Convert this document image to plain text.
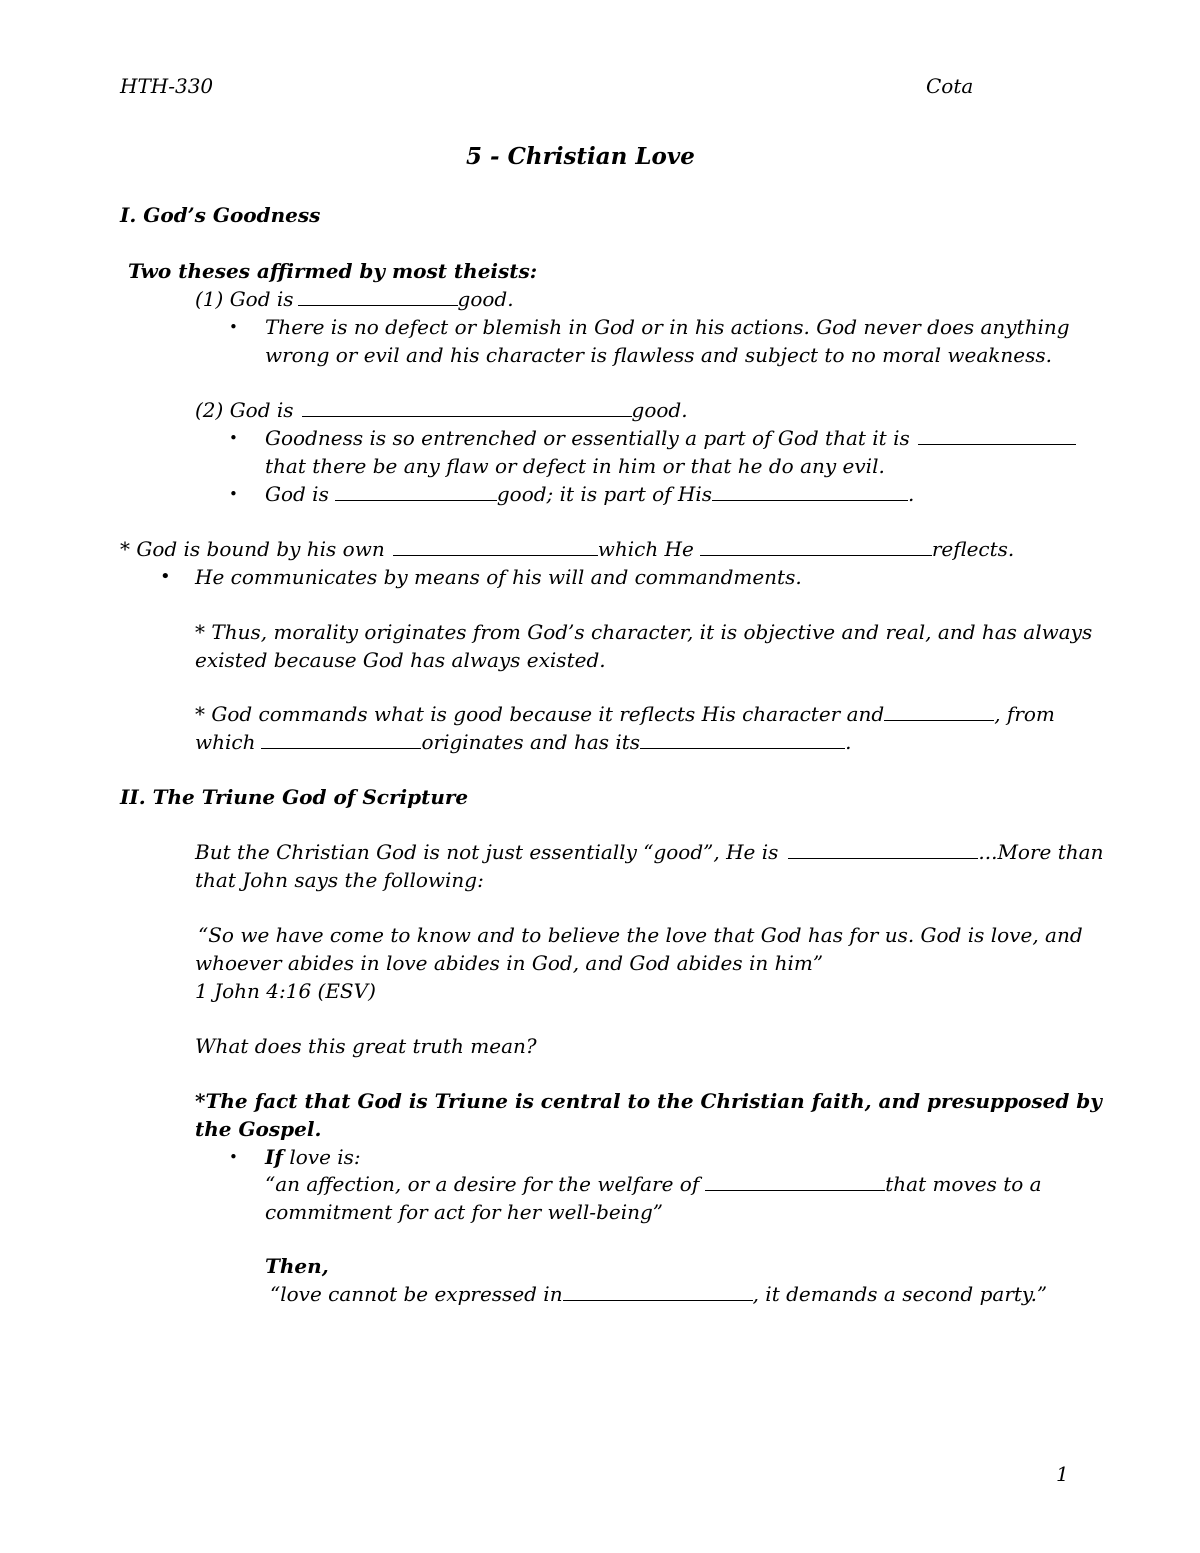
HTH-330	Cota
5 - Christian Love
I. God’s Goodness
Two theses affirmed by most theists:
(1) God is	good.
• There is no defect or blemish in God or in his actions. God never does anything
wrong or evil and his character is flawless and subject to no moral weakness.
(2) God is	good.
• Goodness is so entrenched or essentially a part of God that it is
that there be any flaw or defect in him or that he do any evil.
• God is	good; it is part of His	.
* God is bound by his own	which He	reflects.
• He communicates by means of his will and commandments.
* Thus, morality originates from God’s character, it is objective and real, and has always
existed because God has always existed.
* God commands what is good because it reflects His character and	, from
which	originates and has its	.
II. The Triune God of Scripture
But the Christian God is not just essentially “good”, He is	...More than
that John says the following:
“So we have come to know and to believe the love that God has for us. God is love, and
whoever abides in love abides in God, and God abides in him”
1 John 4:16 (ESV)
What does this great truth mean?
*The fact that God is Triune is central to the Christian faith, and presupposed by
the Gospel.
• If love is:
“an affection, or a desire for the welfare of	that moves to a
commitment for act for her well-being”
Then,
“love cannot be expressed in	, it demands a second party.”
1
